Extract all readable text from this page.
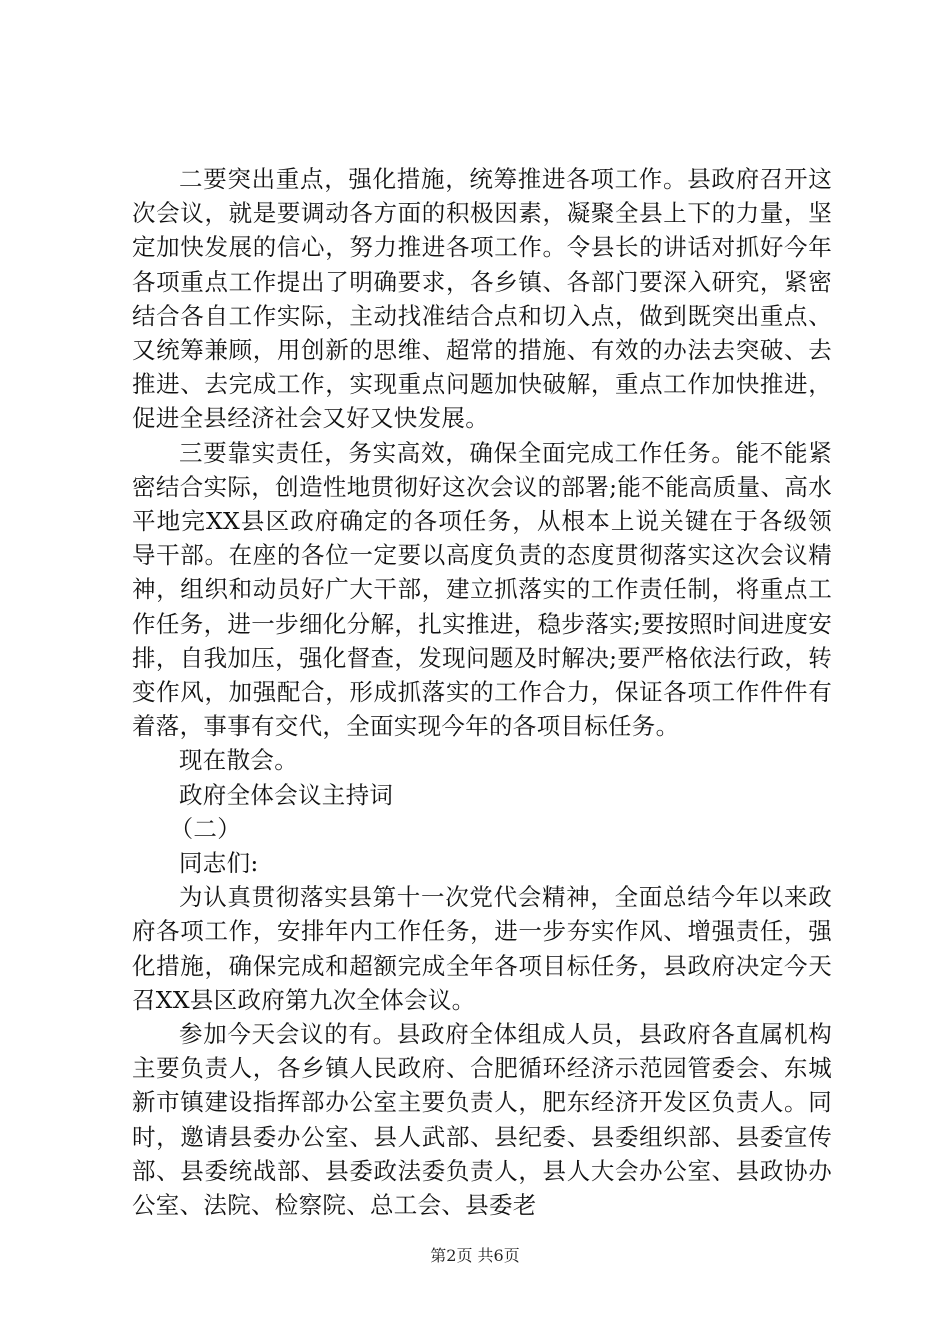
二要突出重点，强化措施，统筹推进各项工作。县政府召开这次会议，就是要调动各方面的积极因素，凝聚全县上下的力量，坚定加快发展的信心，努力推进各项工作。令县长的讲话对抓好今年各项重点工作提出了明确要求，各乡镇、各部门要深入研究，紧密结合各自工作实际，主动找准结合点和切入点，做到既突出重点、又统筹兼顾，用创新的思维、超常的措施、有效的办法去突破、去推进、去完成工作，实现重点问题加快破解，重点工作加快推进，促进全县经济社会又好又快发展。

三要靠实责任，务实高效，确保全面完成工作任务。能不能紧密结合实际，创造性地贯彻好这次会议的部署;能不能高质量、高水平地完XX县区政府确定的各项任务，从根本上说关键在于各级领导干部。在座的各位一定要以高度负责的态度贯彻落实这次会议精神，组织和动员好广大干部，建立抓落实的工作责任制，将重点工作任务，进一步细化分解，扎实推进，稳步落实;要按照时间进度安排，自我加压，强化督查，发现问题及时解决;要严格依法行政，转变作风，加强配合，形成抓落实的工作合力，保证各项工作件件有着落，事事有交代，全面实现今年的各项目标任务。

现在散会。

政府全体会议主持词

（二）

同志们:

为认真贯彻落实县第十一次党代会精神，全面总结今年以来政府各项工作，安排年内工作任务，进一步夯实作风、增强责任，强化措施，确保完成和超额完成全年各项目标任务，县政府决定今天召XX县区政府第九次全体会议。

参加今天会议的有。县政府全体组成人员，县政府各直属机构主要负责人，各乡镇人民政府、合肥循环经济示范园管委会、东城新市镇建设指挥部办公室主要负责人，肥东经济开发区负责人。同时，邀请县委办公室、县人武部、县纪委、县委组织部、县委宣传部、县委统战部、县委政法委负责人，县人大会办公室、县政协办公室、法院、检察院、总工会、县委老

第2页 共6页
